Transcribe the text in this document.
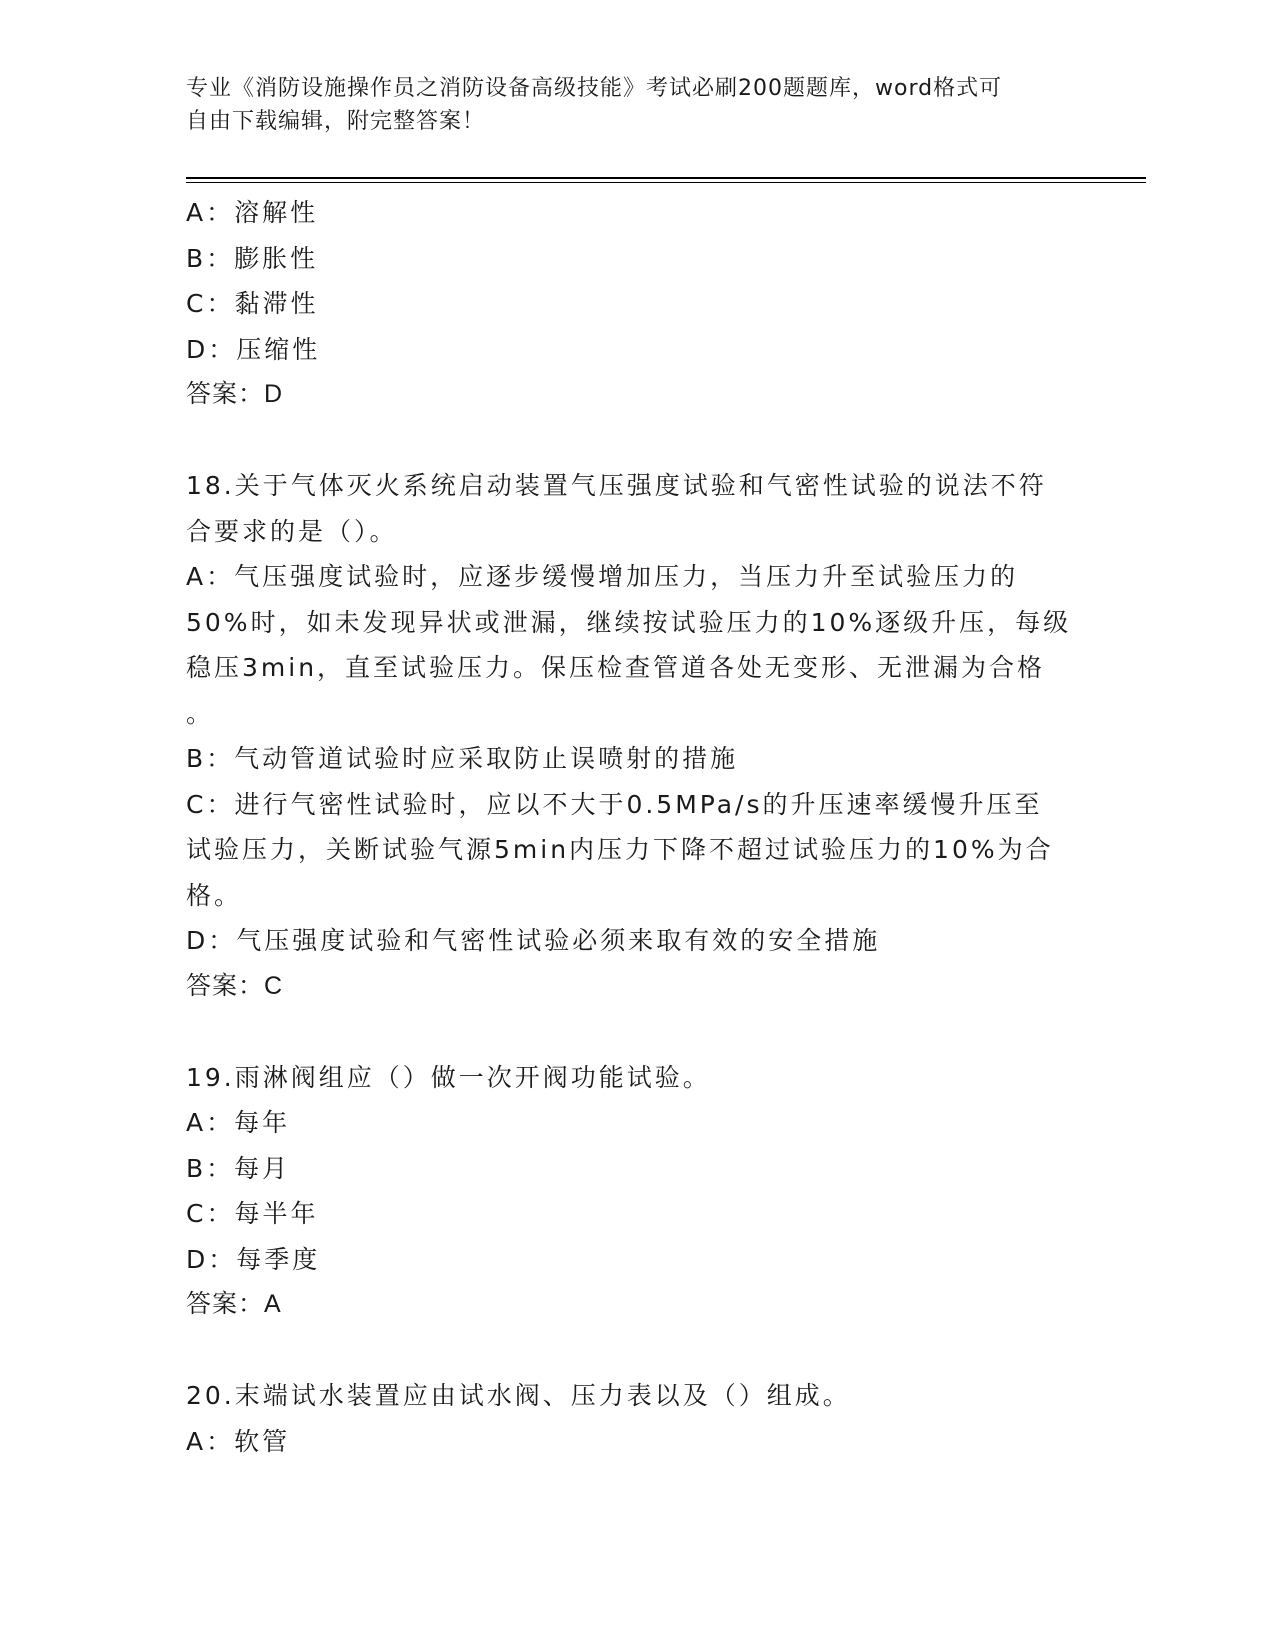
专业《消防设施操作员之消防设备高级技能》考试必刷200题题库，word格式可
自由下载编辑，附完整答案！

A：溶解性

B：膨胀性

C：黏滞性

D：压缩性

答案：D

18.关于气体灭火系统启动装置气压强度试验和气密性试验的说法不符

合要求的是（）。

A：气压强度试验时，应逐步缓慢增加压力，当压力升至试验压力的

50%时，如未发现异状或泄漏，继续按试验压力的10%逐级升压，每级

稳压3min，直至试验压力。保压检查管道各处无变形、无泄漏为合格

。

B：气动管道试验时应采取防止误喷射的措施

C：进行气密性试验时，应以不大于0.5MPa/s的升压速率缓慢升压至

试验压力，关断试验气源5min内压力下降不超过试验压力的10%为合

格。

D：气压强度试验和气密性试验必须来取有效的安全措施

答案：C

19.雨淋阀组应（）做一次开阀功能试验。

A：每年

B：每月

C：每半年

D：每季度

答案：A

20.末端试水装置应由试水阀、压力表以及（）组成。

A：软管
